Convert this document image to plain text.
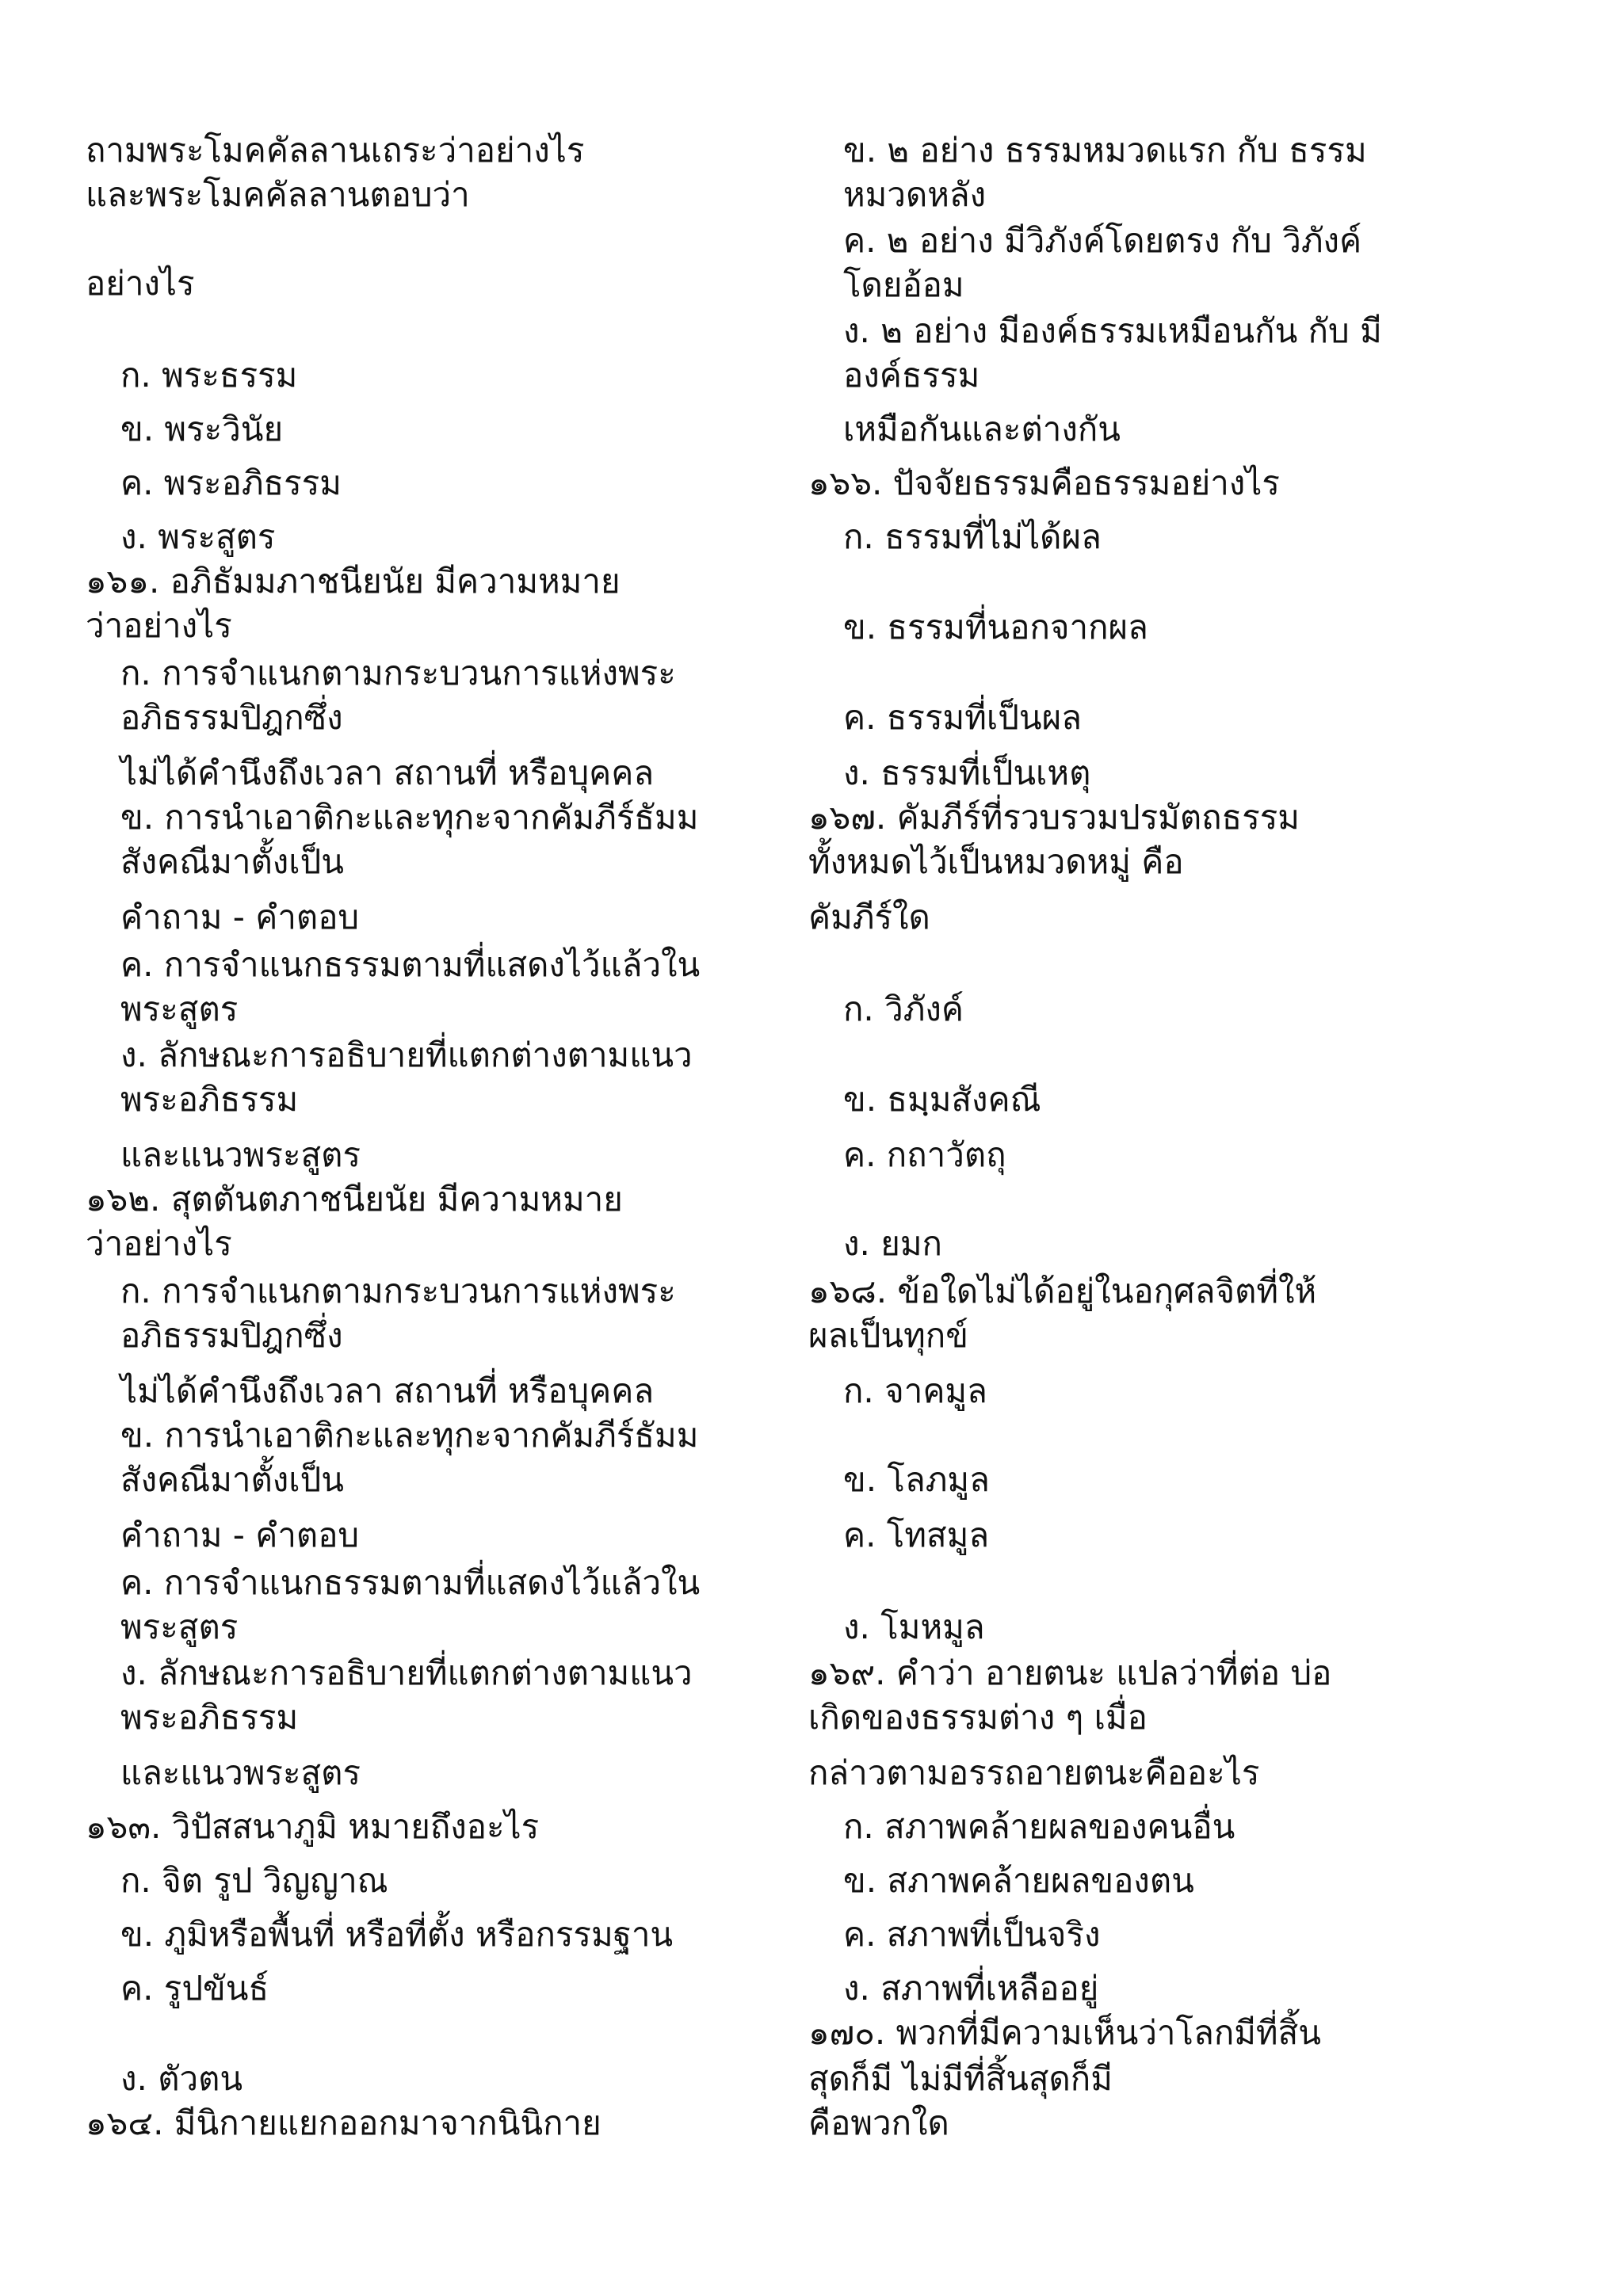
ถามพระโมคคัลลานเถระว่าอย่างไร
และพระโมคคัลลานตอบว่า
อย่างไร
ก. พระธรรม
ข. พระวินัย
ค. พระอภิธรรม
ง. พระสูตร
๑๖๑. อภิธัมมภาชนียนัย มีความหมาย
ว่าอย่างไร
ก. การจำแนกตามกระบวนการแห่งพระ
อภิธรรมปิฎกซึ่ง
ไม่ได้คำนึงถึงเวลา สถานที่ หรือบุคคล
ข. การนำเอาติกะและทุกะจากคัมภีร์ธัมม
สังคณีมาตั้งเป็น
คำถาม - คำตอบ
ค. การจำแนกธรรมตามที่แสดงไว้แล้วใน
พระสูตร
ง. ลักษณะการอธิบายที่แตกต่างตามแนว
พระอภิธรรม
และแนวพระสูตร
๑๖๒. สุตตันตภาชนียนัย มีความหมาย
ว่าอย่างไร
ก. การจำแนกตามกระบวนการแห่งพระ
อภิธรรมปิฎกซึ่ง
ไม่ได้คำนึงถึงเวลา สถานที่ หรือบุคคล
ข. การนำเอาติกะและทุกะจากคัมภีร์ธัมม
สังคณีมาตั้งเป็น
คำถาม - คำตอบ
ค. การจำแนกธรรมตามที่แสดงไว้แล้วใน
พระสูตร
ง. ลักษณะการอธิบายที่แตกต่างตามแนว
พระอภิธรรม
และแนวพระสูตร
๑๖๓. วิปัสสนาภูมิ หมายถึงอะไร
ก. จิต รูป วิญญาณ
ข. ภูมิหรือพื้นที่ หรือที่ตั้ง หรือกรรมฐาน
ค. รูปขันธ์
ง. ตัวตน
๑๖๔. มีนิกายแยกออกมาจากนินิกาย
ข. ๒ อย่าง ธรรมหมวดแรก กับ ธรรม
หมวดหลัง
ค. ๒ อย่าง มีวิภังค์โดยตรง กับ วิภังค์
โดยอ้อม
ง. ๒ อย่าง มีองค์ธรรมเหมือนกัน กับ มี
องค์ธรรม
เหมือกันและต่างกัน
๑๖๖. ปัจจัยธรรมคือธรรมอย่างไร
ก. ธรรมที่ไม่ได้ผล
ข. ธรรมที่นอกจากผล
ค. ธรรมที่เป็นผล
ง. ธรรมที่เป็นเหตุ
๑๖๗. คัมภีร์ที่รวบรวมปรมัตถธรรม
ทั้งหมดไว้เป็นหมวดหมู่ คือ
คัมภีร์ใด
ก. วิภังค์
ข. ธมฺมสังคณี
ค. กถาวัตถุ
ง. ยมก
๑๖๘. ข้อใดไม่ได้อยู่ในอกุศลจิตที่ให้
ผลเป็นทุกข์
ก. จาคมูล
ข. โลภมูล
ค. โทสมูล
ง. โมหมูล
๑๖๙. คำว่า อายตนะ แปลว่าที่ต่อ บ่อ
เกิดของธรรมต่าง ๆ เมื่อ
กล่าวตามอรรถอายตนะคืออะไร
ก. สภาพคล้ายผลของคนอื่น
ข. สภาพคล้ายผลของตน
ค. สภาพที่เป็นจริง
ง. สภาพที่เหลืออยู่
๑๗๐. พวกที่มีความเห็นว่าโลกมีที่สิ้น
สุดก็มี ไม่มีที่สิ้นสุดก็มี
คือพวกใด
